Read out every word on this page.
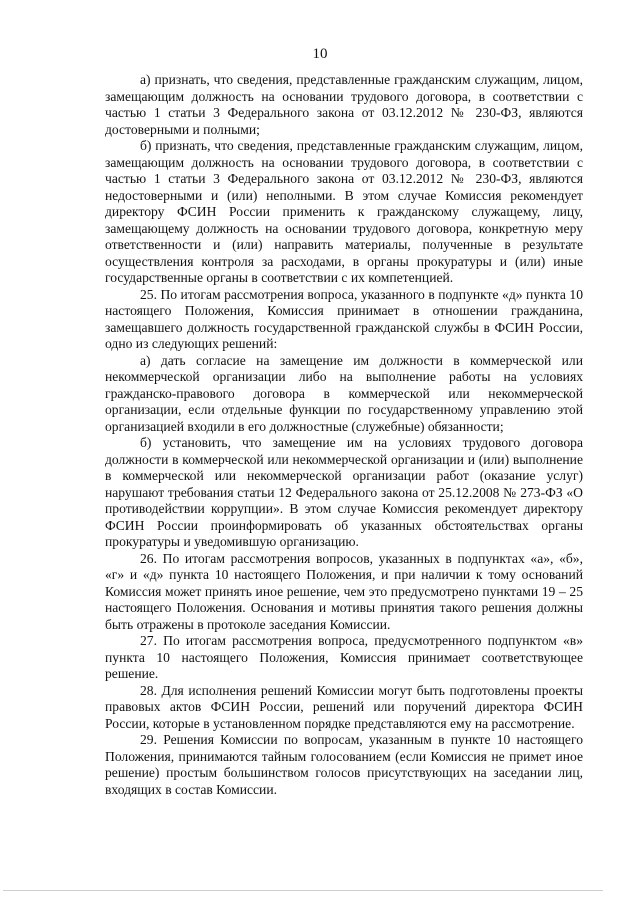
10

а) признать, что сведения, представленные гражданским служащим, лицом, замещающим должность на основании трудового договора, в соответствии с частью 1 статьи 3 Федерального закона от 03.12.2012 № 230-ФЗ, являются достоверными и полными;

б) признать, что сведения, представленные гражданским служащим, лицом, замещающим должность на основании трудового договора, в соответствии с частью 1 статьи 3 Федерального закона от 03.12.2012 № 230-ФЗ, являются недостоверными и (или) неполными. В этом случае Комиссия рекомендует директору ФСИН России применить к гражданскому служащему, лицу, замещающему должность на основании трудового договора, конкретную меру ответственности и (или) направить материалы, полученные в результате осуществления контроля за расходами, в органы прокуратуры и (или) иные государственные органы в соответствии с их компетенцией.

25. По итогам рассмотрения вопроса, указанного в подпункте «д» пункта 10 настоящего Положения, Комиссия принимает в отношении гражданина, замещавшего должность государственной гражданской службы в ФСИН России, одно из следующих решений:

а) дать согласие на замещение им должности в коммерческой или некоммерческой организации либо на выполнение работы на условиях гражданско-правового договора в коммерческой или некоммерческой организации, если отдельные функции по государственному управлению этой организацией входили в его должностные (служебные) обязанности;

б) установить, что замещение им на условиях трудового договора должности в коммерческой или некоммерческой организации и (или) выполнение в коммерческой или некоммерческой организации работ (оказание услуг) нарушают требования статьи 12 Федерального закона от 25.12.2008 № 273-ФЗ «О противодействии коррупции». В этом случае Комиссия рекомендует директору ФСИН России проинформировать об указанных обстоятельствах органы прокуратуры и уведомившую организацию.

26. По итогам рассмотрения вопросов, указанных в подпунктах «а», «б», «г» и «д» пункта 10 настоящего Положения, и при наличии к тому оснований Комиссия может принять иное решение, чем это предусмотрено пунктами 19 – 25 настоящего Положения. Основания и мотивы принятия такого решения должны быть отражены в протоколе заседания Комиссии.

27. По итогам рассмотрения вопроса, предусмотренного подпунктом «в» пункта 10 настоящего Положения, Комиссия принимает соответствующее решение.

28. Для исполнения решений Комиссии могут быть подготовлены проекты правовых актов ФСИН России, решений или поручений директора ФСИН России, которые в установленном порядке представляются ему на рассмотрение.

29. Решения Комиссии по вопросам, указанным в пункте 10 настоящего Положения, принимаются тайным голосованием (если Комиссия не примет иное решение) простым большинством голосов присутствующих на заседании лиц, входящих в состав Комиссии.
